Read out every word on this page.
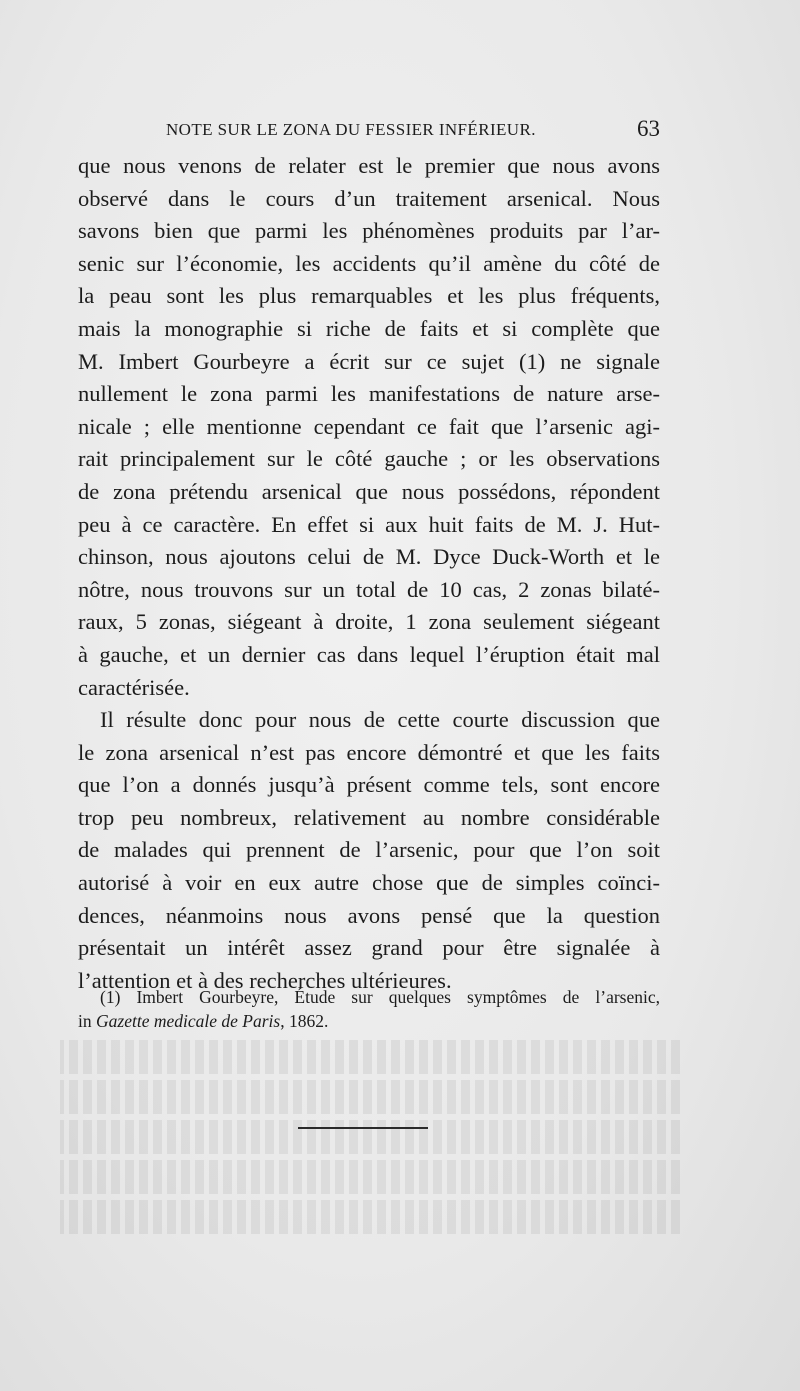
NOTE SUR LE ZONA DU FESSIER INFÉRIEUR.	63
que nous venons de relater est le premier que nous avons
observé dans le cours d’un traitement arsenical. Nous
savons bien que parmi les phénomènes produits par l’ar-
senic sur l’économie, les accidents qu’il amène du côté de
la peau sont les plus remarquables et les plus fréquents,
mais la monographie si riche de faits et si complète que
M. Imbert Gourbeyre a écrit sur ce sujet (1) ne signale
nullement le zona parmi les manifestations de nature arse-
nicale ; elle mentionne cependant ce fait que l’arsenic agi-
rait principalement sur le côté gauche ; or les observations
de zona prétendu arsenical que nous possédons, répondent
peu à ce caractère. En effet si aux huit faits de M. J. Hut-
chinson, nous ajoutons celui de M. Dyce Duck-Worth et le
nôtre, nous trouvons sur un total de 10 cas, 2 zonas bilaté-
raux, 5 zonas, siégeant à droite, 1 zona seulement siégeant
à gauche, et un dernier cas dans lequel l’éruption était mal
caractérisée.
Il résulte donc pour nous de cette courte discussion que
le zona arsenical n’est pas encore démontré et que les faits
que l’on a donnés jusqu’à présent comme tels, sont encore
trop peu nombreux, relativement au nombre considérable
de malades qui prennent de l’arsenic, pour que l’on soit
autorisé à voir en eux autre chose que de simples coïnci-
dences, néanmoins nous avons pensé que la question
présentait un intérêt assez grand pour être signalée à
l’attention et à des recherches ultérieures.
(1) Imbert Gourbeyre, Étude sur quelques symptômes de l’arsenic,
in Gazette medicale de Paris, 1862.
